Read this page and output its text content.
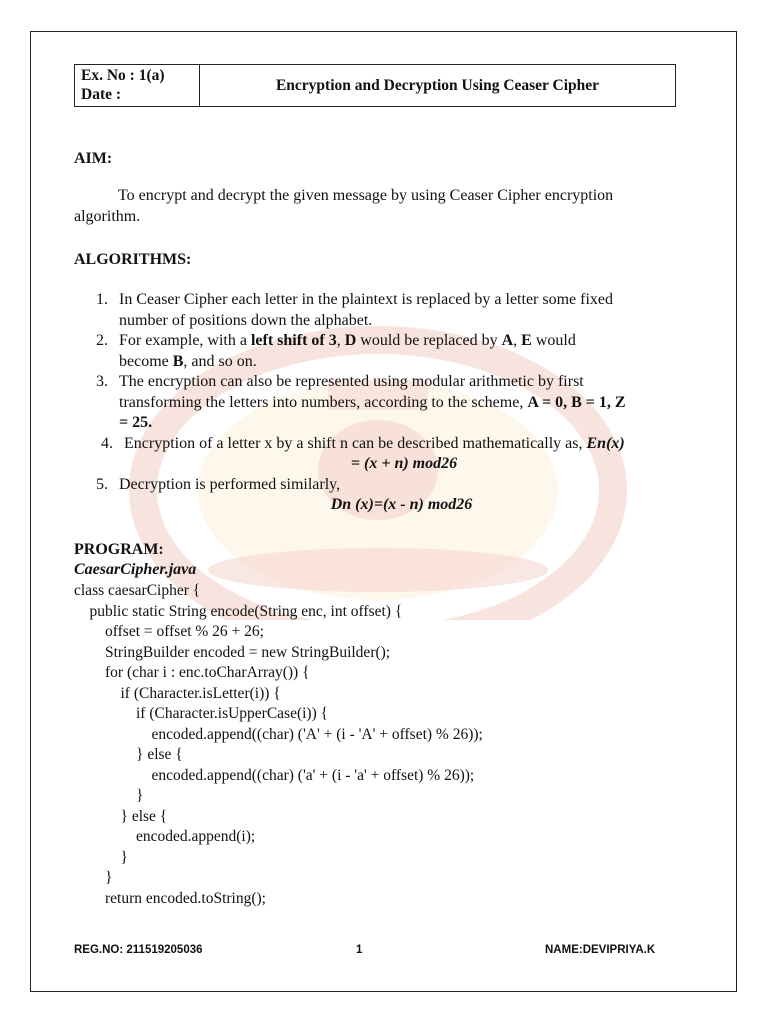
Ex. No : 1(a)
Date :
Encryption and Decryption Using Ceaser Cipher
AIM:
To encrypt and decrypt the given message by using Ceaser Cipher encryption
algorithm.
ALGORITHMS:
1. In Ceaser Cipher each letter in the plaintext is replaced by a letter some fixed
number of positions down the alphabet.
2. For example, with a left shift of 3, D would be replaced by A, E would
become B, and so on.
3. The encryption can also be represented using modular arithmetic by first
transforming the letters into numbers, according to the scheme, A = 0, B = 1, Z
= 25.
4. Encryption of a letter x by a shift n can be described mathematically as, En(x)
= (x + n) mod26
5. Decryption is performed similarly,
Dn (x)=(x - n) mod26
PROGRAM:
CaesarCipher.java
class caesarCipher {
public static String encode(String enc, int offset) {
offset = offset % 26 + 26;
StringBuilder encoded = new StringBuilder();
for (char i : enc.toCharArray()) {
if (Character.isLetter(i)) {
if (Character.isUpperCase(i)) {
encoded.append((char) ('A' + (i - 'A' + offset) % 26));
} else {
encoded.append((char) ('a' + (i - 'a' + offset) % 26));
}
} else {
encoded.append(i);
}
}
return encoded.toString();
REG.NO: 211519205036	1	NAME:DEVIPRIYA.K
